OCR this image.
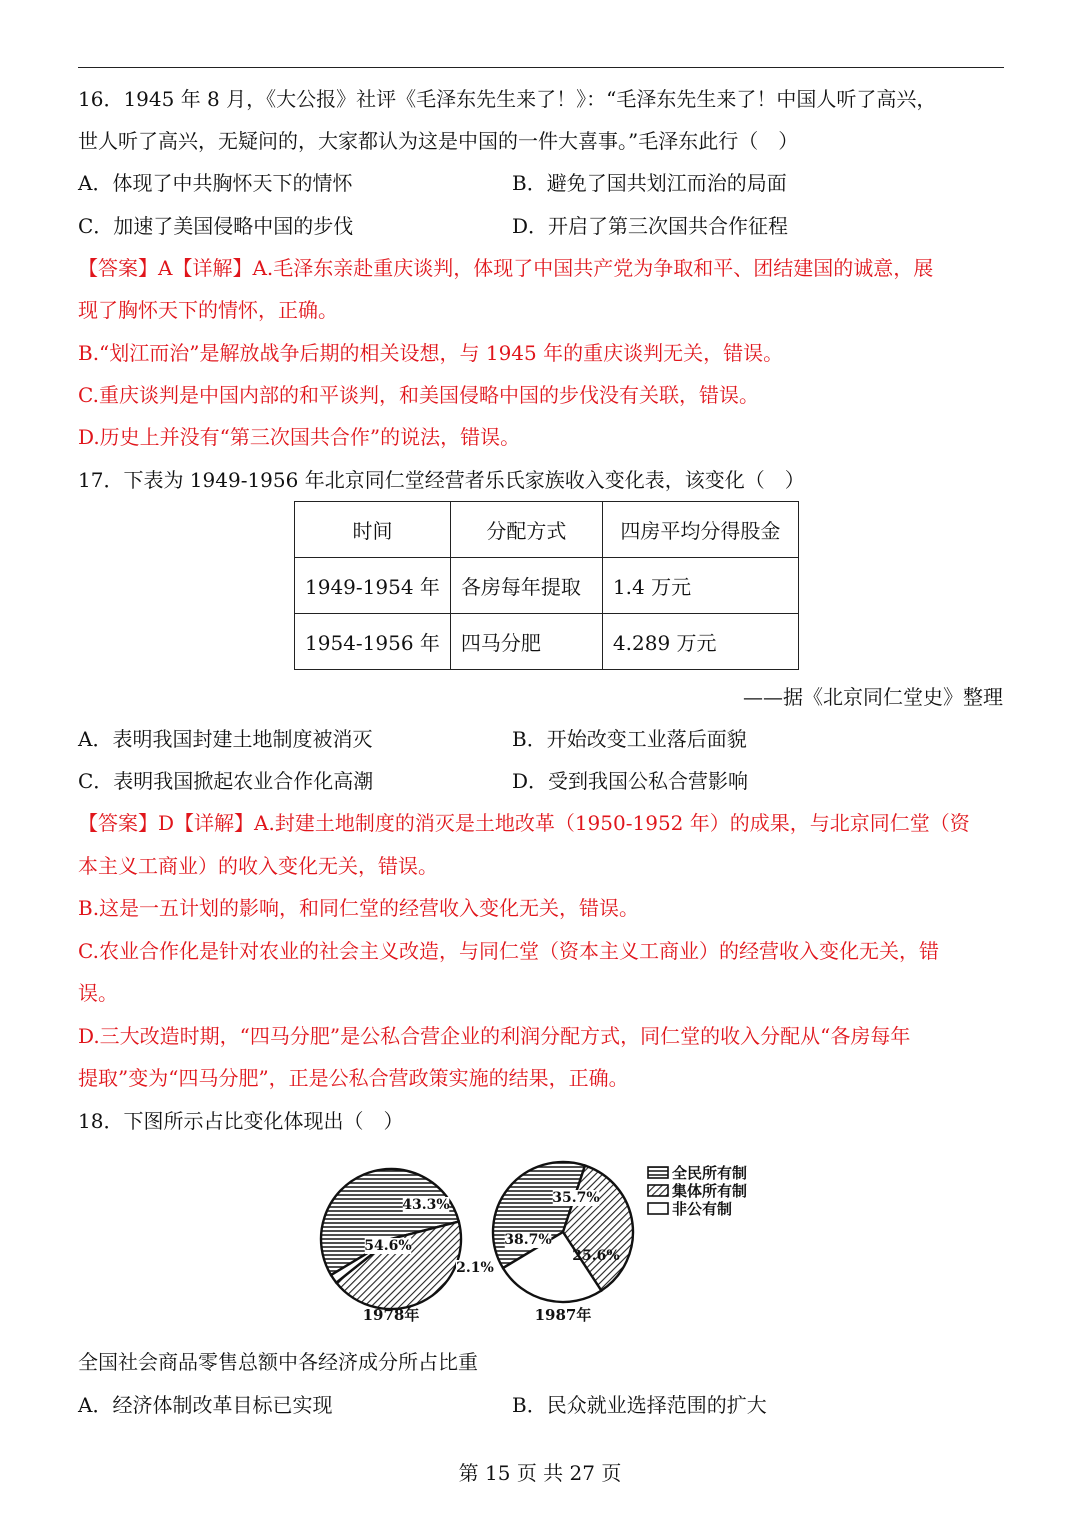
16．1945 年 8 月，《大公报》社评《毛泽东先生来了！》：“毛泽东先生来了！中国人听了高兴，
世人听了高兴，无疑问的，大家都认为这是中国的一件大喜事。”毛泽东此行（　）
A．体现了中共胸怀天下的情怀	B．避免了国共划江而治的局面
C．加速了美国侵略中国的步伐	D．开启了第三次国共合作征程
【答案】A【详解】A.毛泽东亲赴重庆谈判，体现了中国共产党为争取和平、团结建国的诚意，展
现了胸怀天下的情怀，正确。
B.“划江而治”是解放战争后期的相关设想，与 1945 年的重庆谈判无关，错误。
C.重庆谈判是中国内部的和平谈判，和美国侵略中国的步伐没有关联，错误。
D.历史上并没有“第三次国共合作”的说法，错误。
17．下表为 1949-1956 年北京同仁堂经营者乐氏家族收入变化表，该变化（　）
时间	分配方式	四房平均分得股金
1949-1954 年	各房每年提取	1.4 万元
1954-1956 年	四马分肥	4.289 万元
——据《北京同仁堂史》整理
A．表明我国封建土地制度被消灭	B．开始改变工业落后面貌
C．表明我国掀起农业合作化高潮	D．受到我国公私合营影响
【答案】D【详解】A.封建土地制度的消灭是土地改革（1950-1952 年）的成果，与北京同仁堂（资
本主义工商业）的收入变化无关，错误。
B.这是一五计划的影响，和同仁堂的经营收入变化无关，错误。
C.农业合作化是针对农业的社会主义改造，与同仁堂（资本主义工商业）的经营收入变化无关，错
误。
D.三大改造时期，“四马分肥”是公私合营企业的利润分配方式，同仁堂的收入分配从“各房每年
提取”变为“四马分肥”，正是公私合营政策实施的结果，正确。
18．下图所示占比变化体现出（　）
54.6%
43.3%
2.1%
1978年
38.7%
35.7%
25.6%
1987年
全民所有制
集体所有制
非公有制
全国社会商品零售总额中各经济成分所占比重
A．经济体制改革目标已实现	B．民众就业选择范围的扩大
第 15 页 共 27 页
